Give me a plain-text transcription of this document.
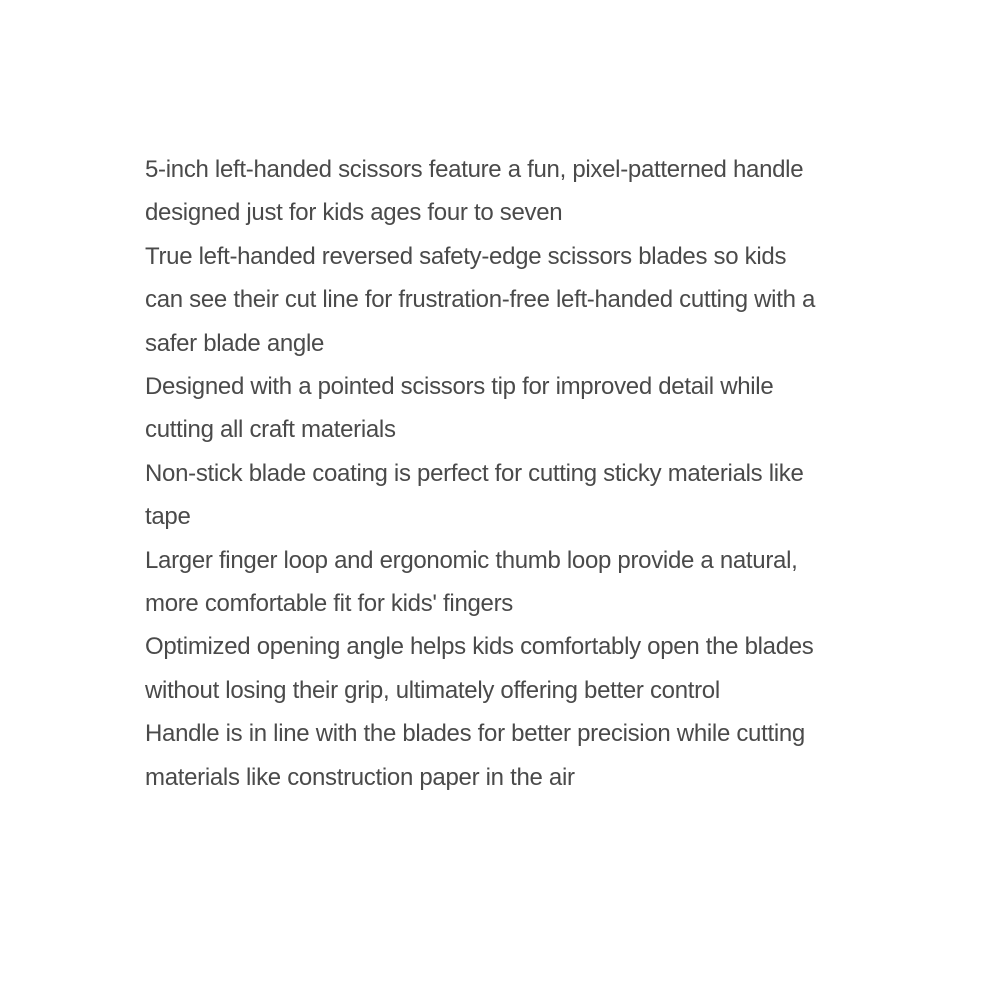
5-inch left-handed scissors feature a fun, pixel-patterned handle designed just for kids ages four to seven
True left-handed reversed safety-edge scissors blades so kids can see their cut line for frustration-free left-handed cutting with a safer blade angle
Designed with a pointed scissors tip for improved detail while cutting all craft materials
Non-stick blade coating is perfect for cutting sticky materials like tape
Larger finger loop and ergonomic thumb loop provide a natural, more comfortable fit for kids' fingers
Optimized opening angle helps kids comfortably open the blades without losing their grip, ultimately offering better control
Handle is in line with the blades for better precision while cutting materials like construction paper in the air
